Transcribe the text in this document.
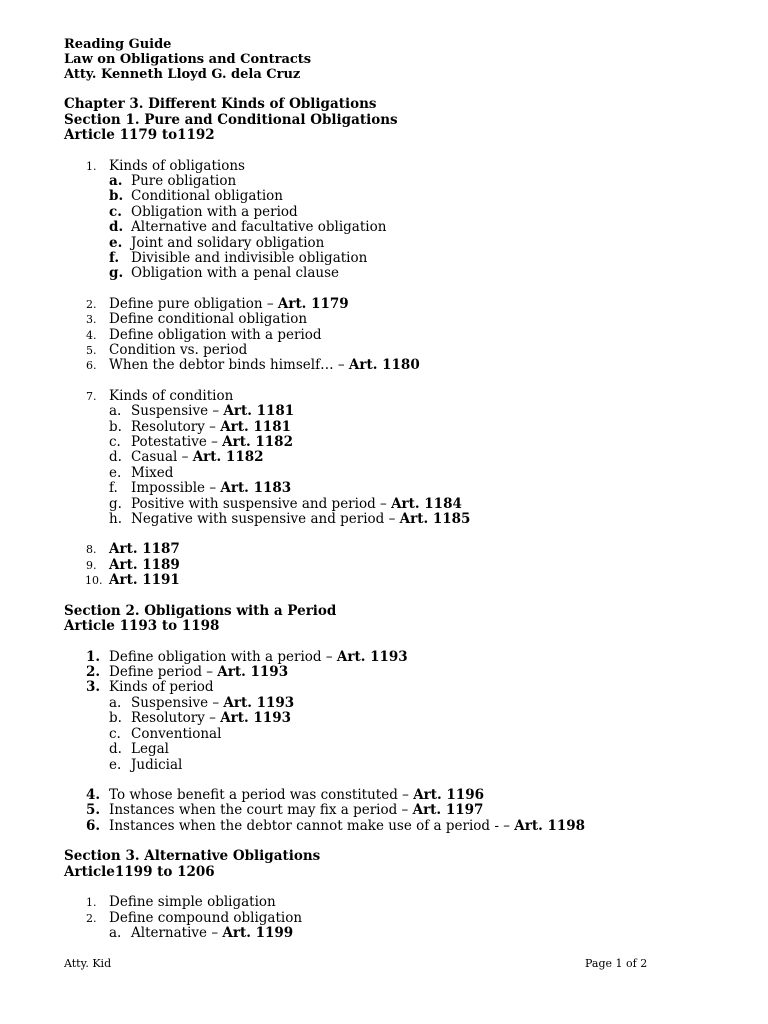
Reading Guide
Law on Obligations and Contracts
Atty. Kenneth Lloyd G. dela Cruz
Chapter 3. Different Kinds of Obligations
Section 1. Pure and Conditional Obligations
Article 1179 to1192
1. Kinds of obligations
a. Pure obligation
b. Conditional obligation
c. Obligation with a period
d. Alternative and facultative obligation
e. Joint and solidary obligation
f. Divisible and indivisible obligation
g. Obligation with a penal clause
2. Define pure obligation – Art. 1179
3. Define conditional obligation
4. Define obligation with a period
5. Condition vs. period
6. When the debtor binds himself… – Art. 1180
7. Kinds of condition
a. Suspensive – Art. 1181
b. Resolutory – Art. 1181
c. Potestative – Art. 1182
d. Casual – Art. 1182
e. Mixed
f. Impossible – Art. 1183
g. Positive with suspensive and period – Art. 1184
h. Negative with suspensive and period – Art. 1185
8. Art. 1187
9. Art. 1189
10. Art. 1191
Section 2. Obligations with a Period
Article 1193 to 1198
1. Define obligation with a period – Art. 1193
2. Define period – Art. 1193
3. Kinds of period
a. Suspensive – Art. 1193
b. Resolutory – Art. 1193
c. Conventional
d. Legal
e. Judicial
4. To whose benefit a period was constituted – Art. 1196
5. Instances when the court may fix a period – Art. 1197
6. Instances when the debtor cannot make use of a period - – Art. 1198
Section 3. Alternative Obligations
Article1199 to 1206
1. Define simple obligation
2. Define compound obligation
a. Alternative – Art. 1199
Atty. Kid	Page 1 of 2
